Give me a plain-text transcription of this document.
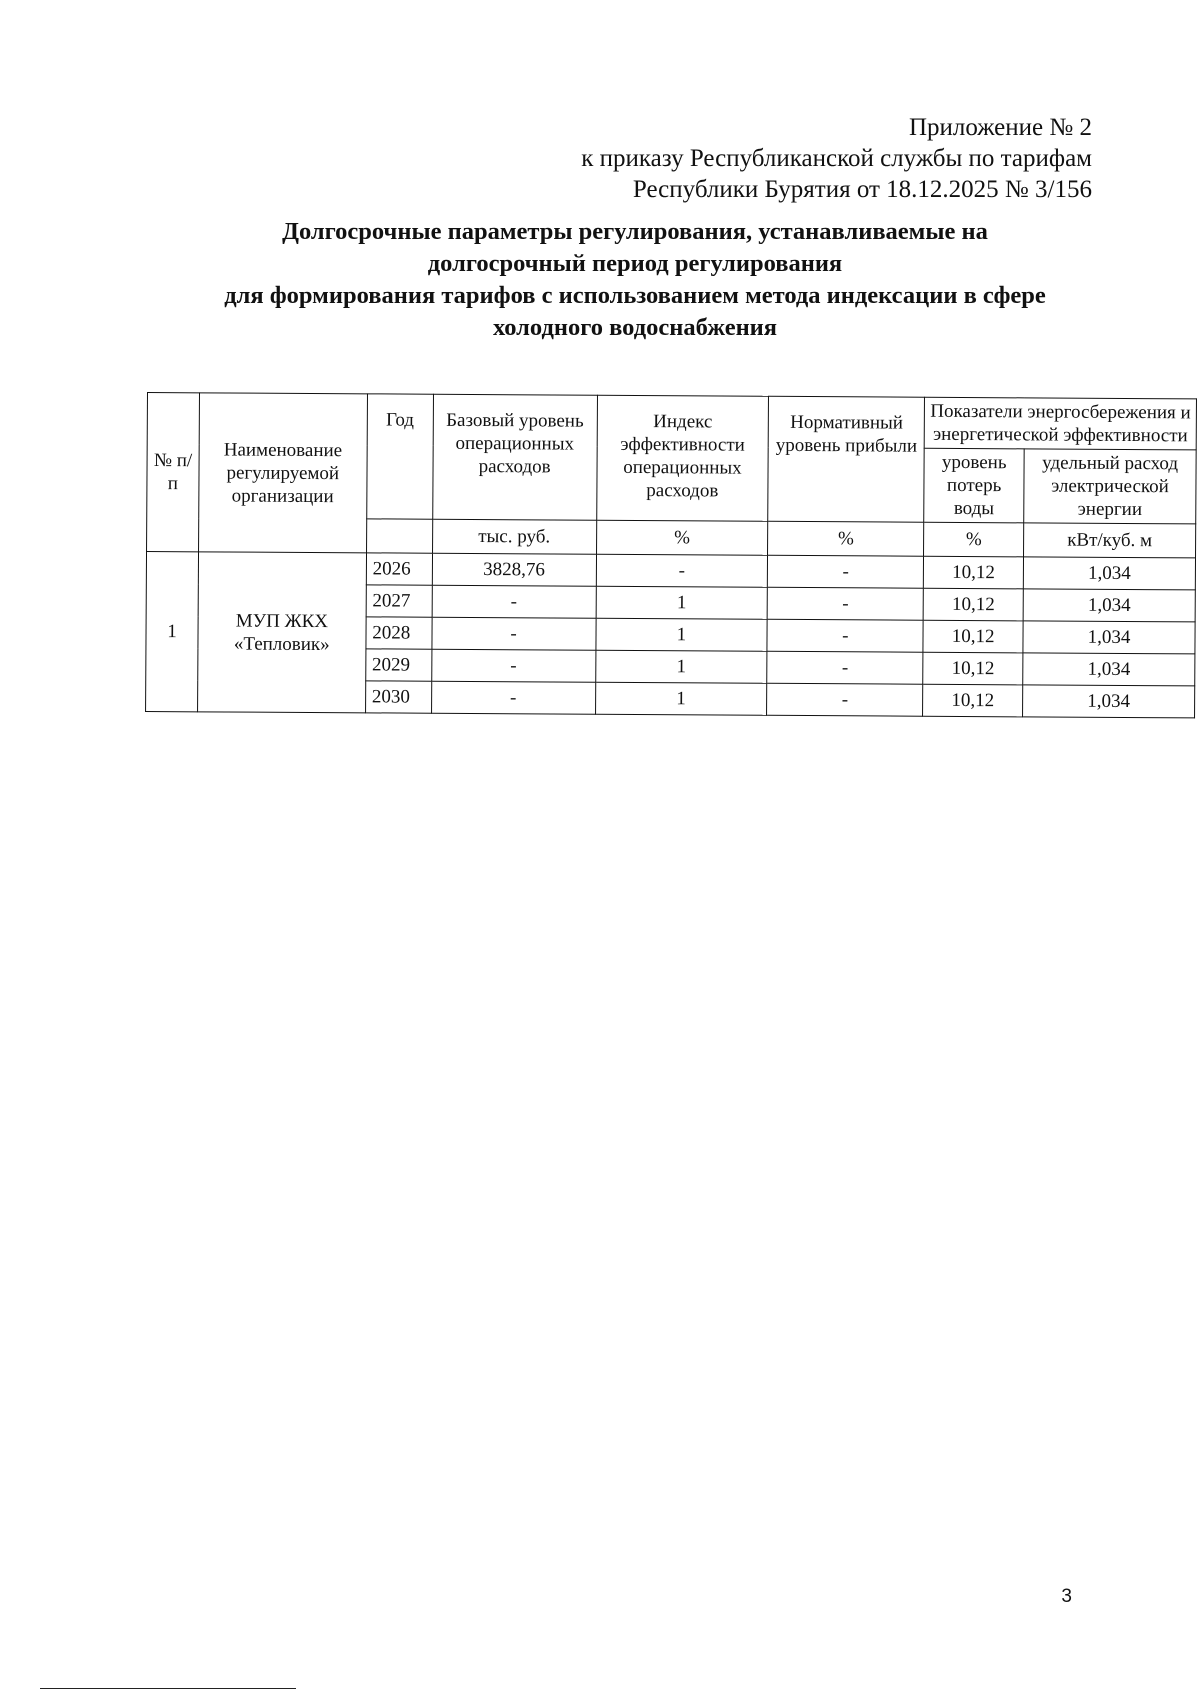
Приложение № 2
к приказу Республиканской службы по тарифам
Республики Бурятия от 18.12.2025 № 3/156
Долгосрочные параметры регулирования, устанавливаемые на
долгосрочный период регулирования
для формирования тарифов с использованием метода индексации в сфере
холодного водоснабжения
№ п/п	Наименование регулируемой организации	Год	Базовый уровень операционных расходов	Индекс эффективности операционных расходов	Нормативный уровень прибыли	Показатели энергосбережения и энергетической эффективности	
						уровень потерь воды	удельный расход электрической энергии
			тыс. руб.	%	%	%	кВт/куб. м
1	МУП ЖКХ «Тепловик»	2026	3828,76	-	-	10,12	1,034
		2027	-	1	-	10,12	1,034
		2028	-	1	-	10,12	1,034
		2029	-	1	-	10,12	1,034
		2030	-	1	-	10,12	1,034
3
